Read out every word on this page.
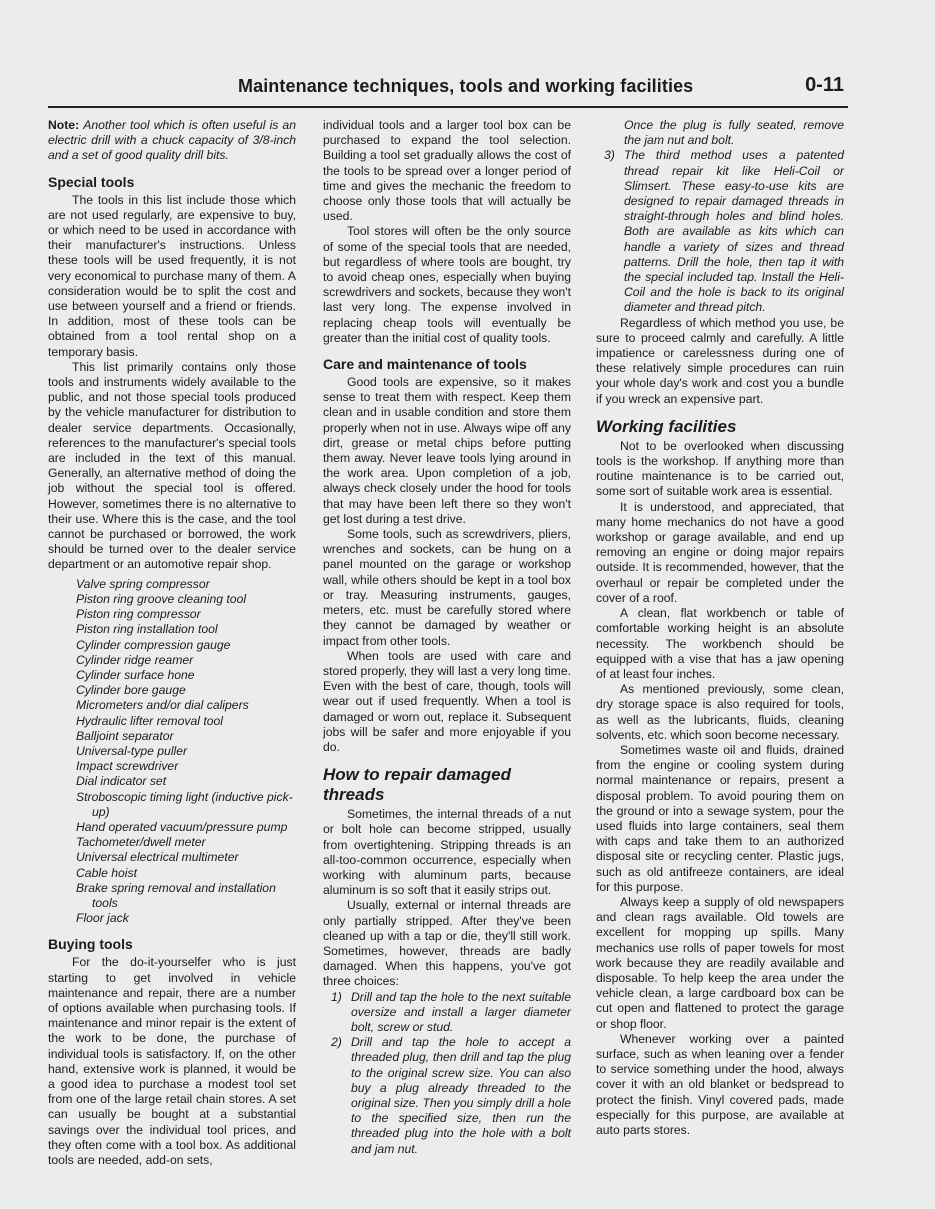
Maintenance techniques, tools and working facilities	0-11

Note: Another tool which is often useful is an electric drill with a chuck capacity of 3/8-inch and a set of good quality drill bits.

Special tools

The tools in this list include those which are not used regularly, are expensive to buy, or which need to be used in accordance with their manufacturer's instructions. Unless these tools will be used frequently, it is not very economical to purchase many of them. A consideration would be to split the cost and use between yourself and a friend or friends. In addition, most of these tools can be obtained from a tool rental shop on a temporary basis.

This list primarily contains only those tools and instruments widely available to the public, and not those special tools produced by the vehicle manufacturer for distribution to dealer service departments. Occasionally, references to the manufacturer's special tools are included in the text of this manual. Generally, an alternative method of doing the job without the special tool is offered. However, sometimes there is no alternative to their use. Where this is the case, and the tool cannot be purchased or borrowed, the work should be turned over to the dealer service department or an automotive repair shop.

Valve spring compressor
Piston ring groove cleaning tool
Piston ring compressor
Piston ring installation tool
Cylinder compression gauge
Cylinder ridge reamer
Cylinder surface hone
Cylinder bore gauge
Micrometers and/or dial calipers
Hydraulic lifter removal tool
Balljoint separator
Universal-type puller
Impact screwdriver
Dial indicator set
Stroboscopic timing light (inductive pick-up)
Hand operated vacuum/pressure pump
Tachometer/dwell meter
Universal electrical multimeter
Cable hoist
Brake spring removal and installation tools
Floor jack
Buying tools

For the do-it-yourselfer who is just starting to get involved in vehicle maintenance and repair, there are a number of options available when purchasing tools. If maintenance and minor repair is the extent of the work to be done, the purchase of individual tools is satisfactory. If, on the other hand, extensive work is planned, it would be a good idea to purchase a modest tool set from one of the large retail chain stores. A set can usually be bought at a substantial savings over the individual tool prices, and they often come with a tool box. As additional tools are needed, add-on sets,

individual tools and a larger tool box can be purchased to expand the tool selection. Building a tool set gradually allows the cost of the tools to be spread over a longer period of time and gives the mechanic the freedom to choose only those tools that will actually be used.

Tool stores will often be the only source of some of the special tools that are needed, but regardless of where tools are bought, try to avoid cheap ones, especially when buying screwdrivers and sockets, because they won't last very long. The expense involved in replacing cheap tools will eventually be greater than the initial cost of quality tools.

Care and maintenance of tools

Good tools are expensive, so it makes sense to treat them with respect. Keep them clean and in usable condition and store them properly when not in use. Always wipe off any dirt, grease or metal chips before putting them away. Never leave tools lying around in the work area. Upon completion of a job, always check closely under the hood for tools that may have been left there so they won't get lost during a test drive.

Some tools, such as screwdrivers, pliers, wrenches and sockets, can be hung on a panel mounted on the garage or workshop wall, while others should be kept in a tool box or tray. Measuring instruments, gauges, meters, etc. must be carefully stored where they cannot be damaged by weather or impact from other tools.

When tools are used with care and stored properly, they will last a very long time. Even with the best of care, though, tools will wear out if used frequently. When a tool is damaged or worn out, replace it. Subsequent jobs will be safer and more enjoyable if you do.

How to repair damaged threads

Sometimes, the internal threads of a nut or bolt hole can become stripped, usually from overtightening. Stripping threads is an all-too-common occurrence, especially when working with aluminum parts, because aluminum is so soft that it easily strips out.

Usually, external or internal threads are only partially stripped. After they've been cleaned up with a tap or die, they'll still work. Sometimes, however, threads are badly damaged. When this happens, you've got three choices:

1) Drill and tap the hole to the next suitable oversize and install a larger diameter bolt, screw or stud.
2) Drill and tap the hole to accept a threaded plug, then drill and tap the plug to the original screw size. You can also buy a plug already threaded to the original size. Then you simply drill a hole to the specified size, then run the threaded plug into the hole with a bolt and jam nut.
Once the plug is fully seated, remove the jam nut and bolt.
3) The third method uses a patented thread repair kit like Heli-Coil or Slimsert. These easy-to-use kits are designed to repair damaged threads in straight-through holes and blind holes. Both are available as kits which can handle a variety of sizes and thread patterns. Drill the hole, then tap it with the special included tap. Install the Heli-Coil and the hole is back to its original diameter and thread pitch.

Regardless of which method you use, be sure to proceed calmly and carefully. A little impatience or carelessness during one of these relatively simple procedures can ruin your whole day's work and cost you a bundle if you wreck an expensive part.

Working facilities

Not to be overlooked when discussing tools is the workshop. If anything more than routine maintenance is to be carried out, some sort of suitable work area is essential.

It is understood, and appreciated, that many home mechanics do not have a good workshop or garage available, and end up removing an engine or doing major repairs outside. It is recommended, however, that the overhaul or repair be completed under the cover of a roof.

A clean, flat workbench or table of comfortable working height is an absolute necessity. The workbench should be equipped with a vise that has a jaw opening of at least four inches.

As mentioned previously, some clean, dry storage space is also required for tools, as well as the lubricants, fluids, cleaning solvents, etc. which soon become necessary.

Sometimes waste oil and fluids, drained from the engine or cooling system during normal maintenance or repairs, present a disposal problem. To avoid pouring them on the ground or into a sewage system, pour the used fluids into large containers, seal them with caps and take them to an authorized disposal site or recycling center. Plastic jugs, such as old antifreeze containers, are ideal for this purpose.

Always keep a supply of old newspapers and clean rags available. Old towels are excellent for mopping up spills. Many mechanics use rolls of paper towels for most work because they are readily available and disposable. To help keep the area under the vehicle clean, a large cardboard box can be cut open and flattened to protect the garage or shop floor.

Whenever working over a painted surface, such as when leaning over a fender to service something under the hood, always cover it with an old blanket or bedspread to protect the finish. Vinyl covered pads, made especially for this purpose, are available at auto parts stores.
